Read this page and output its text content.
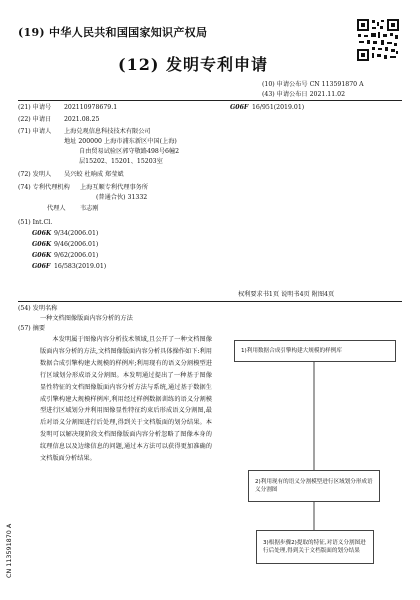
(19) 中华人民共和国国家知识产权局
(12) 发明专利申请
(10) 申请公布号 CN 113591870 A
(43) 申请公布日 2021.11.02
(21) 申请号 202110978679.1
(22) 申请日 2021.08.25
(71) 申请人 上海兑观信息科技技术有限公司
地址 200000 上海市浦东新区中国(上海)
自由贸易试验区郭守敬路498号6幢2
层15202、15201、15203室
(72) 发明人 吴兴蛟 杜晌成 郑莹斌
(74) 专利代理机构 上海互顺专利代理事务所
(普通合伙) 31332
代理人 韦志刚
(51) Int.Cl.
G06K 9/34(2006.01)
G06K 9/46(2006.01)
G06K 9/62(2006.01)
G06F 16/583(2019.01)
G06F 16/951(2019.01)
权利要求书1页 说明书4页 附图4页
(54) 发明名称
一种文档图像版面内容分析的方法
(57) 摘要
本发明属于图像内容分析技术领域,且公开了一种文档图像版面内容分析的方法,文档图像版面内容分析具体操作如下:利用数据合成引擎构建大规模的样例库;利用现有的语义分割模型进行区域划分形成语义分割图。本发明通过提出了一种基于图像显性特征的文档图像版面内容分析方法与系统,通过基于数据生成引擎构建大规模样例库,利用经过样例数据训练的语义分割模型进行区域划分并利用图像显性特征约束后形成语义分割图,最后对语义分割图进行后处理,得到关于文档版面的划分结果。本发明可以解决现阶段文档图像版面内容分析忽略了图像本身的纹理信息以及边缘信息的问题,通过本方法可以获得更加准确的文档版面分析结果。
1)利用数据合成引擎构建大规模的样例库
2)利用现有的语义分割模型进行区域划分形成语义分割图
3)根据步骤2)提取的特征,对语义分割图进行后处理,得到关于文档版面的划分结果
CN 113591870 A
